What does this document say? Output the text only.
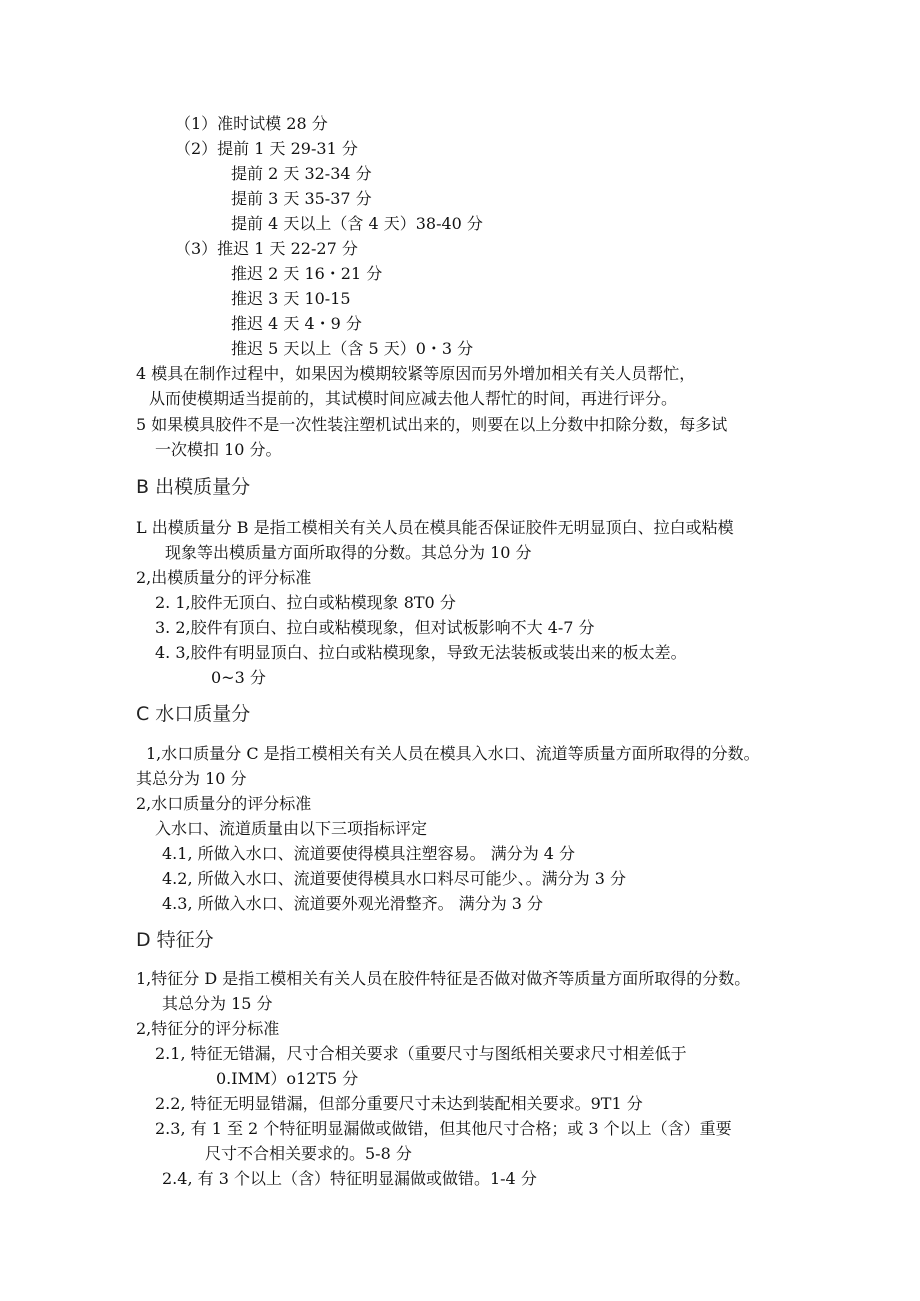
（1）准时试模 28 分
（2）提前 1 天 29-31 分
提前 2 天 32-34 分
提前 3 天 35-37 分
提前 4 天以上（含 4 天）38-40 分
（3）推迟 1 天 22-27 分
推迟 2 天 16・21 分
推迟 3 天 10-15
推迟 4 天 4・9 分
推迟 5 天以上（含 5 天）0・3 分
4 模具在制作过程中，如果因为模期较紧等原因而另外增加相关有关人员帮忙，
从而使模期适当提前的，其试模时间应减去他人帮忙的时间，再进行评分。
5 如果模具胶件不是一次性装注塑机试出来的，则要在以上分数中扣除分数，每多试
一次模扣 10 分。
B 出模质量分
L 出模质量分 B 是指工模相关有关人员在模具能否保证胶件无明显顶白、拉白或粘模
现象等出模质量方面所取得的分数。其总分为 10 分
2,出模质量分的评分标准
2. 1,胶件无顶白、拉白或粘模现象 8T0 分
3. 2,胶件有顶白、拉白或粘模现象，但对试板影响不大 4-7 分
4. 3,胶件有明显顶白、拉白或粘模现象，导致无法装板或装出来的板太差。
0~3 分
C 水口质量分
1,水口质量分 C 是指工模相关有关人员在模具入水口、流道等质量方面所取得的分数。
其总分为 10 分
2,水口质量分的评分标准
入水口、流道质量由以下三项指标评定
4.1, 所做入水口、流道要使得模具注塑容易。 满分为 4 分
4.2, 所做入水口、流道要使得模具水口料尽可能少、。满分为 3 分
4.3, 所做入水口、流道要外观光滑整齐。 满分为 3 分
D 特征分
1,特征分 D 是指工模相关有关人员在胶件特征是否做对做齐等质量方面所取得的分数。
其总分为 15 分
2,特征分的评分标准
2.1, 特征无错漏，尺寸合相关要求（重要尺寸与图纸相关要求尺寸相差低于
0.IMM）o12T5 分
2.2, 特征无明显错漏，但部分重要尺寸未达到装配相关要求。9T1 分
2.3, 有 1 至 2 个特征明显漏做或做错，但其他尺寸合格；或 3 个以上（含）重要
尺寸不合相关要求的。5-8 分
2.4, 有 3 个以上（含）特征明显漏做或做错。1-4 分
